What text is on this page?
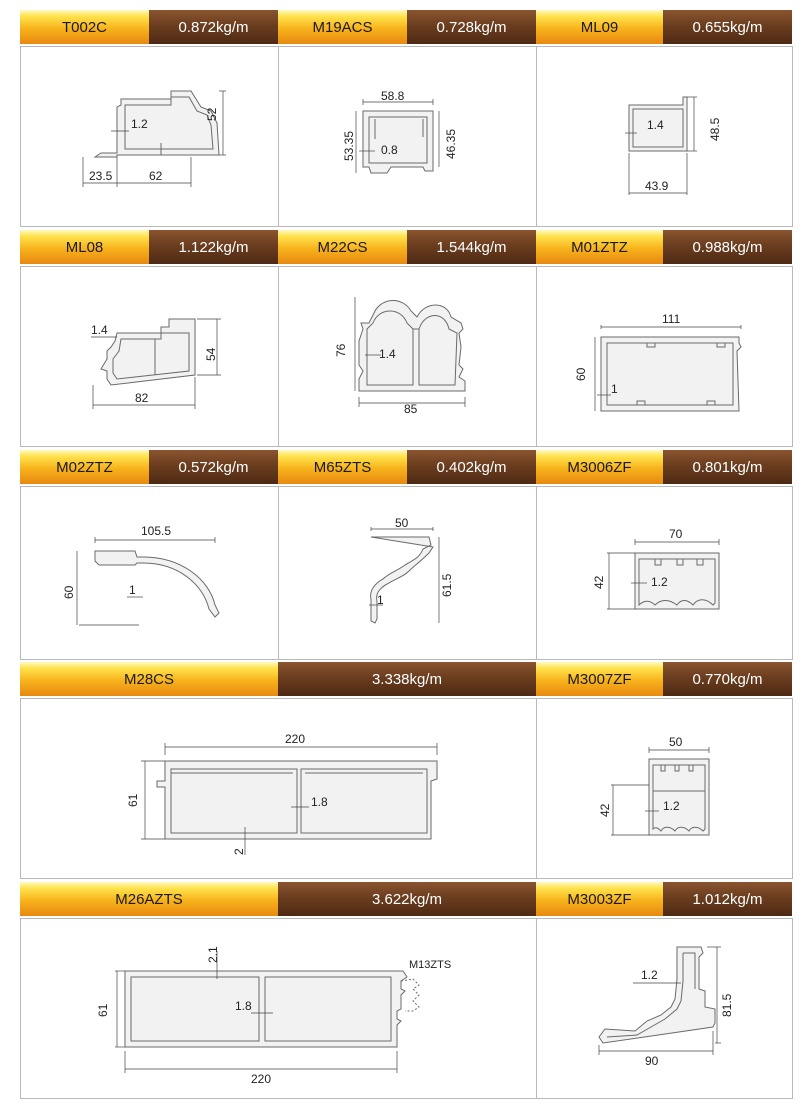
T002C	0.872kg/m	M19ACS	0.728kg/m	ML09	0.655kg/m
52
1.2
23.5	62
58.8
53.35 0.8	46.35
1.4	48.5
43.9
ML08	1.122kg/m	M22CS	1.544kg/m	M01ZTZ	0.988kg/m
1.4
54
82
76	1.4
85
111
60
1
M02ZTZ	0.572kg/m	M65ZTS	0.402kg/m	M3006ZF	0.801kg/m
105.5
60	1
50
61.5
1
70
42	1.2
M28CS	3.338kg/m	M3007ZF	0.770kg/m
220
61	1.8
2
50
42	1.2
M26AZTS	3.622kg/m	M3003ZF	1.012kg/m
2.1
61	1.8
220
M13ZTS
1.2
81.5
90
